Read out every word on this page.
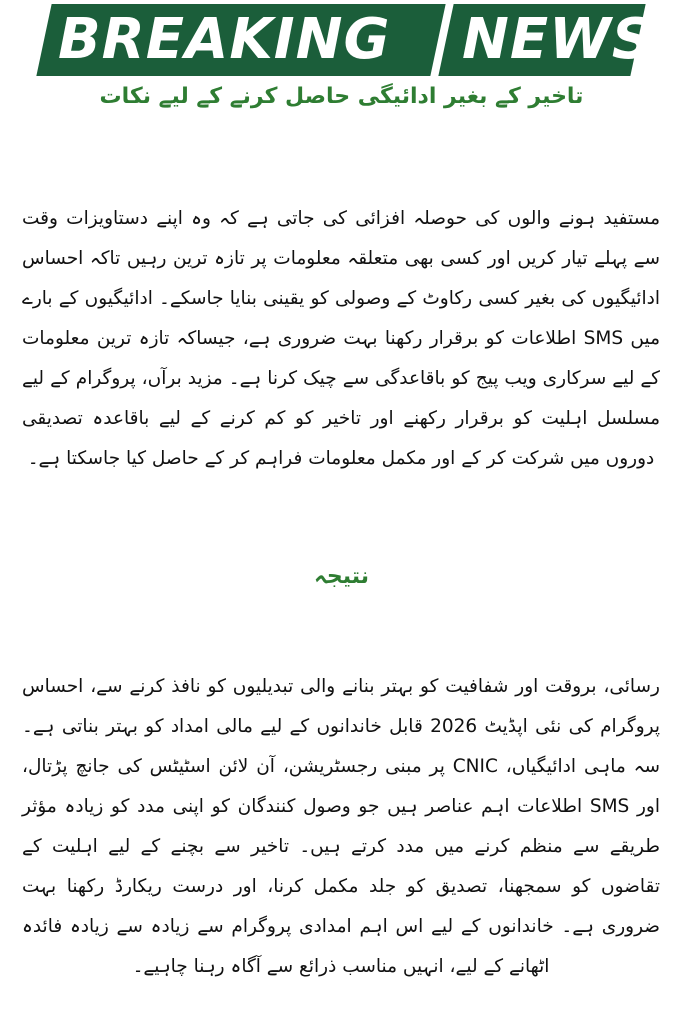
BREAKING NEWS
تاخیر کے بغیر ادائیگی حاصل کرنے کے لیے نکات

مستفید ہونے والوں کی حوصلہ افزائی کی جاتی ہے کہ وہ اپنے دستاویزات وقت سے پہلے تیار کریں اور کسی بھی متعلقہ معلومات پر تازہ ترین رہیں تاکہ احساس ادائیگیوں کی بغیر کسی رکاوٹ کے وصولی کو یقینی بنایا جاسکے۔ ادائیگیوں کے بارے میں SMS اطلاعات کو برقرار رکھنا بہت ضروری ہے، جیساکہ تازہ ترین معلومات کے لیے سرکاری ویب پیج کو باقاعدگی سے چیک کرنا ہے۔ مزید برآں، پروگرام کے لیے مسلسل اہلیت کو برقرار رکھنے اور تاخیر کو کم کرنے کے لیے باقاعدہ تصدیقی دوروں میں شرکت کر کے اور مکمل معلومات فراہم کر کے حاصل کیا جاسکتا ہے۔

نتیجہ

رسائی، بروقت اور شفافیت کو بہتر بنانے والی تبدیلیوں کو نافذ کرنے سے، احساس پروگرام کی نئی اپڈیٹ 2026 قابل خاندانوں کے لیے مالی امداد کو بہتر بناتی ہے۔ سہ ماہی ادائیگیاں، CNIC پر مبنی رجسٹریشن، آن لائن اسٹیٹس کی جانچ پڑتال، اور SMS اطلاعات اہم عناصر ہیں جو وصول کنندگان کو اپنی مدد کو زیادہ مؤثر طریقے سے منظم کرنے میں مدد کرتے ہیں۔ تاخیر سے بچنے کے لیے اہلیت کے تقاضوں کو سمجھنا، تصدیق کو جلد مکمل کرنا، اور درست ریکارڈ رکھنا بہت ضروری ہے۔ خاندانوں کے لیے اس اہم امدادی پروگرام سے زیادہ سے زیادہ فائدہ اٹھانے کے لیے، انہیں مناسب ذرائع سے آگاہ رہنا چاہیے۔
